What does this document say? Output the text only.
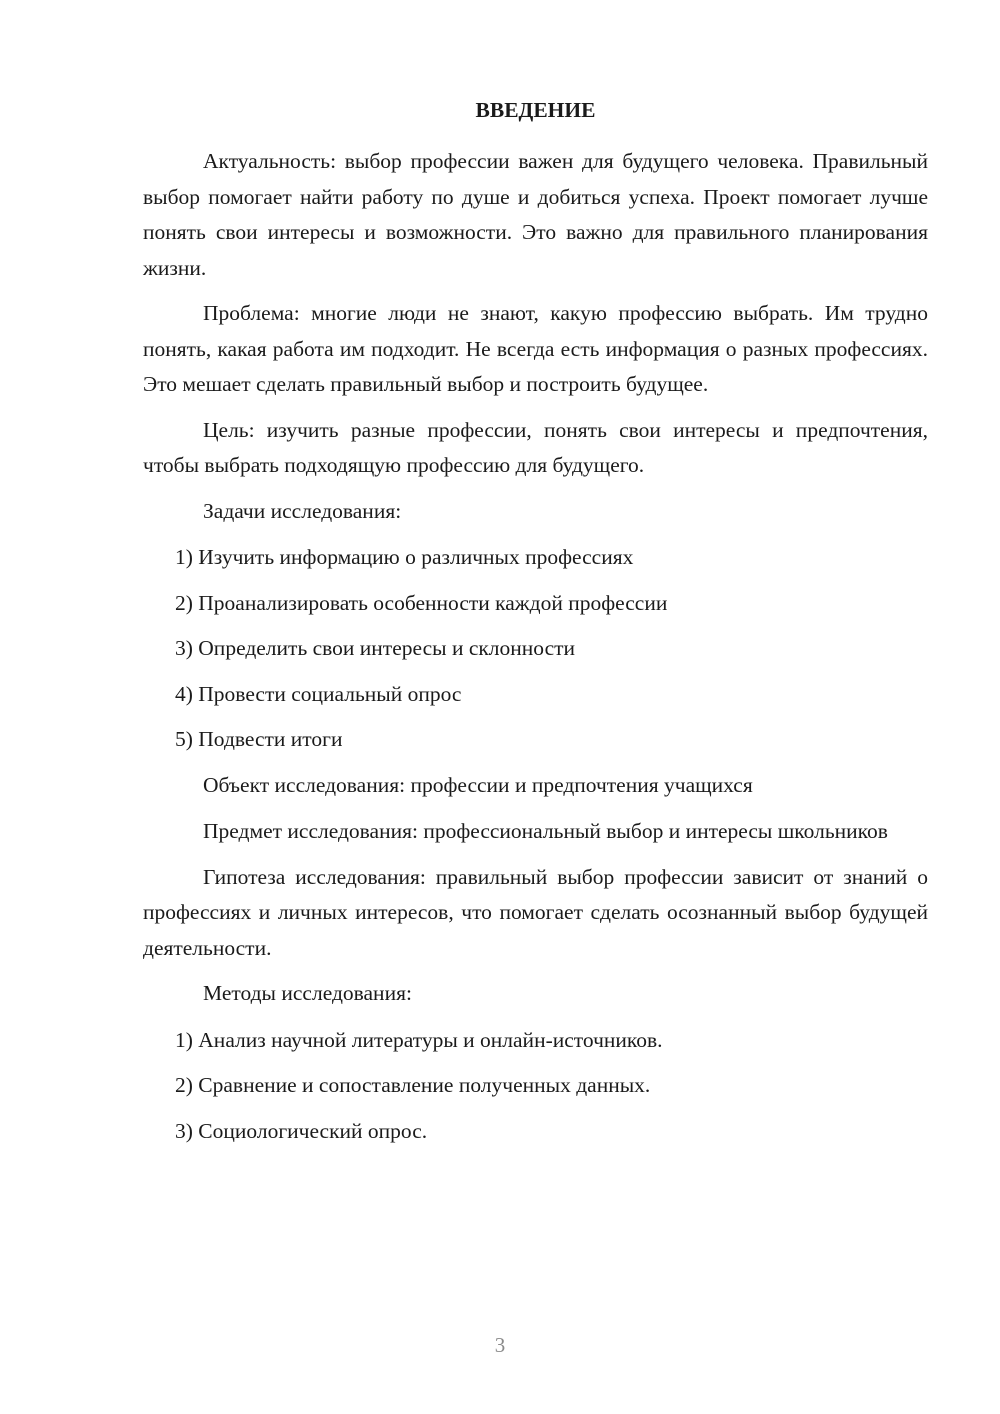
ВВЕДЕНИЕ

Актуальность: выбор профессии важен для будущего человека. Правильный выбор помогает найти работу по душе и добиться успеха. Проект помогает лучше понять свои интересы и возможности. Это важно для правильного планирования жизни.

Проблема: многие люди не знают, какую профессию выбрать. Им трудно понять, какая работа им подходит. Не всегда есть информация о разных профессиях. Это мешает сделать правильный выбор и построить будущее.

Цель: изучить разные профессии, понять свои интересы и предпочтения, чтобы выбрать подходящую профессию для будущего.

Задачи исследования:

1) Изучить информацию о различных профессиях
2) Проанализировать особенности каждой профессии
3) Определить свои интересы и склонности
4) Провести социальный опрос
5) Подвести итоги

Объект исследования: профессии и предпочтения учащихся

Предмет исследования: профессиональный выбор и интересы школьников

Гипотеза исследования: правильный выбор профессии зависит от знаний о профессиях и личных интересов, что помогает сделать осознанный выбор будущей деятельности.

Методы исследования:

1) Анализ научной литературы и онлайн-источников.
2) Сравнение и сопоставление полученных данных.
3) Социологический опрос.
3
